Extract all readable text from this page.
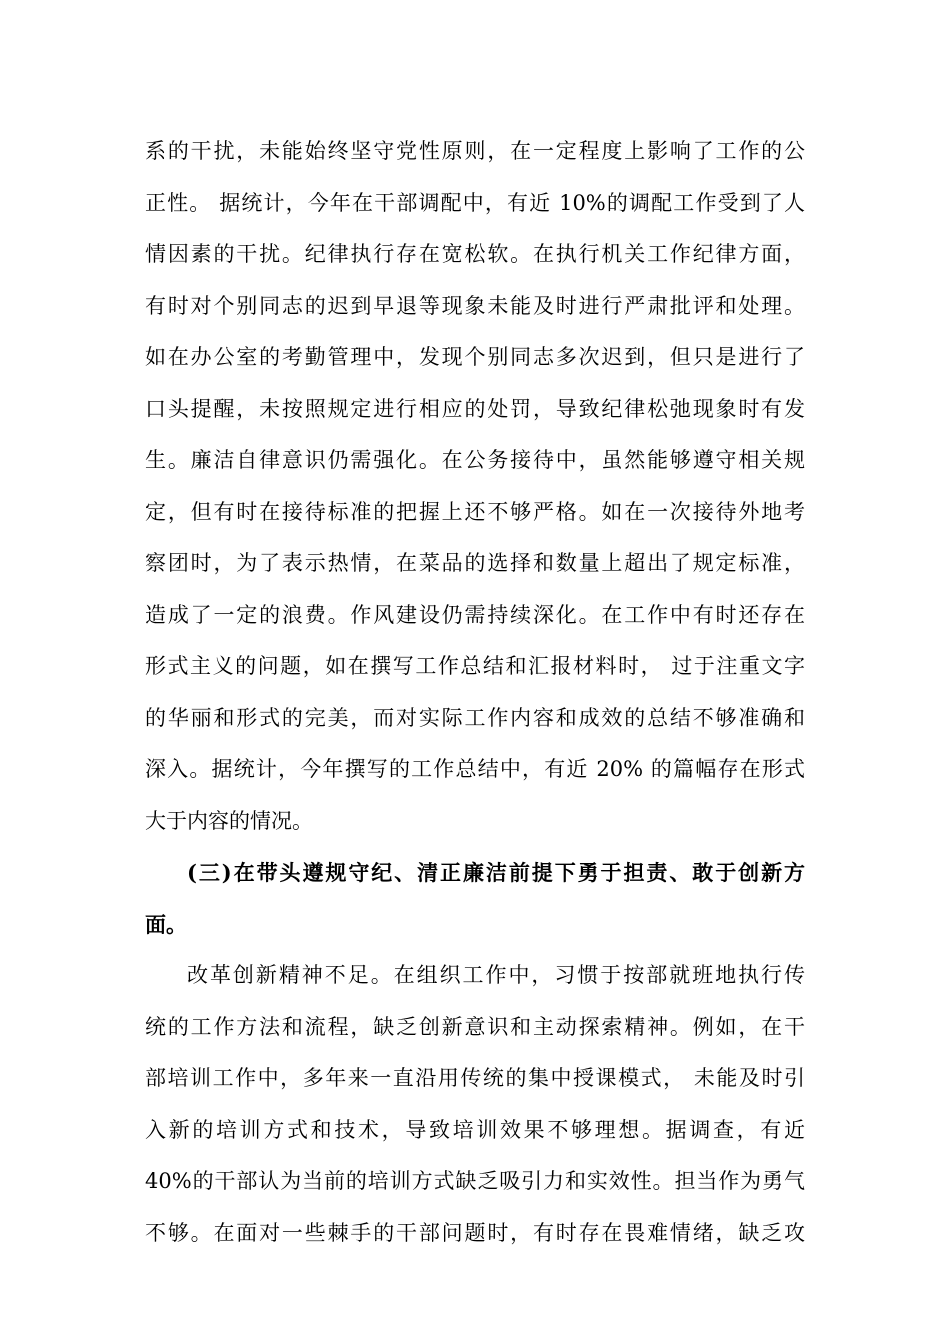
系的干扰，未能始终坚守党性原则，在一定程度上影响了工作的公
正性。 据统计，今年在干部调配中，有近 10%的调配工作受到了人
情因素的干扰。纪律执行存在宽松软。在执行机关工作纪律方面，
有时对个别同志的迟到早退等现象未能及时进行严肃批评和处理。
如在办公室的考勤管理中，发现个别同志多次迟到，但只是进行了
口头提醒，未按照规定进行相应的处罚，导致纪律松弛现象时有发
生。廉洁自律意识仍需强化。在公务接待中，虽然能够遵守相关规
定，但有时在接待标准的把握上还不够严格。如在一次接待外地考
察团时，为了表示热情，在菜品的选择和数量上超出了规定标准，
造成了一定的浪费。作风建设仍需持续深化。在工作中有时还存在
形式主义的问题，如在撰写工作总结和汇报材料时， 过于注重文字
的华丽和形式的完美，而对实际工作内容和成效的总结不够准确和
深入。据统计，今年撰写的工作总结中，有近 20% 的篇幅存在形式
大于内容的情况。
(三)在带头遵规守纪、清正廉洁前提下勇于担责、敢于创新方
面。
改革创新精神不足。在组织工作中，习惯于按部就班地执行传
统的工作方法和流程，缺乏创新意识和主动探索精神。例如，在干
部培训工作中，多年来一直沿用传统的集中授课模式， 未能及时引
入新的培训方式和技术，导致培训效果不够理想。据调查，有近
40%的干部认为当前的培训方式缺乏吸引力和实效性。担当作为勇气
不够。在面对一些棘手的干部问题时，有时存在畏难情绪，缺乏攻
